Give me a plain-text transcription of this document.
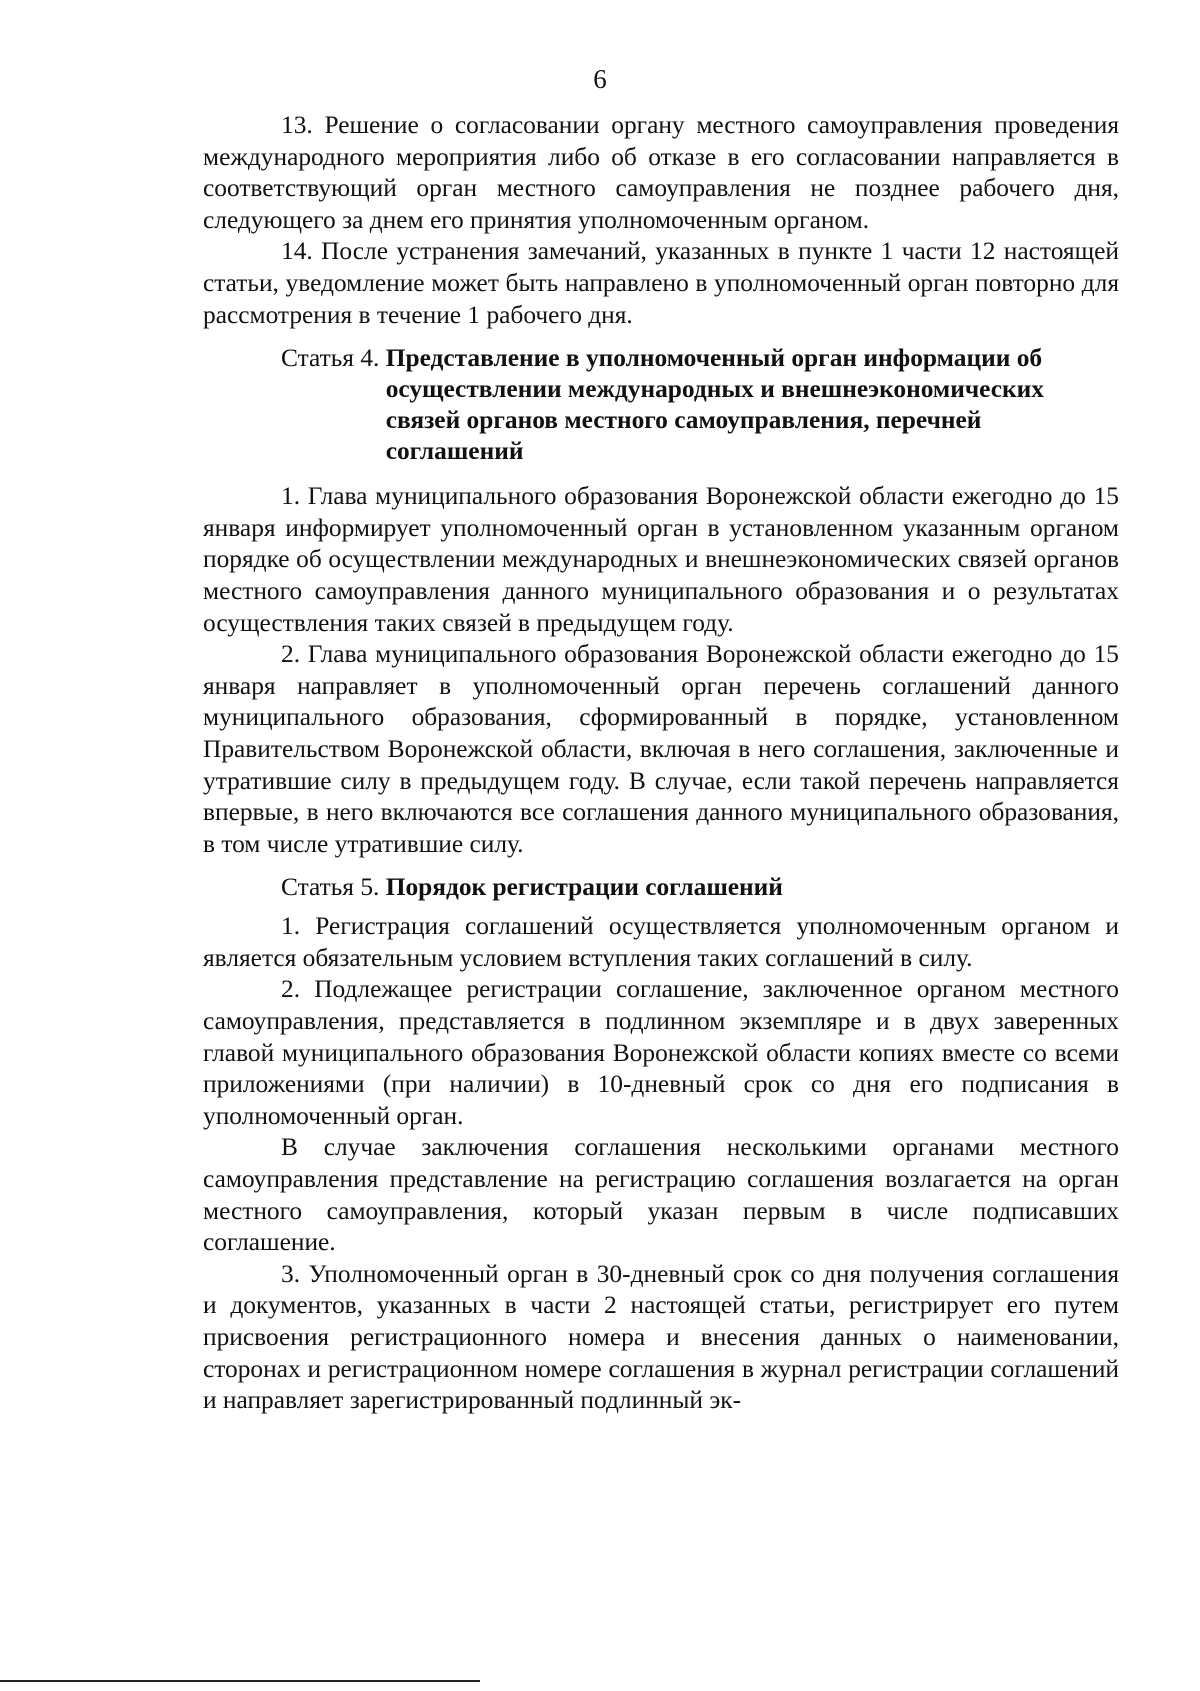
6

13. Решение о согласовании органу местного самоуправления проведения международного мероприятия либо об отказе в его согласовании направляется в соответствующий орган местного самоуправления не позднее рабочего дня, следующего за днем его принятия уполномоченным органом.

14. После устранения замечаний, указанных в пункте 1 части 12 настоящей статьи, уведомление может быть направлено в уполномоченный орган повторно для рассмотрения в течение 1 рабочего дня.

Статья 4. Представление в уполномоченный орган информации об осуществлении международных и внешнеэкономических связей органов местного самоуправления, перечней соглашений

1. Глава муниципального образования Воронежской области ежегодно до 15 января информирует уполномоченный орган в установленном указанным органом порядке об осуществлении международных и внешнеэкономических связей органов местного самоуправления данного муниципального образования и о результатах осуществления таких связей в предыдущем году.

2. Глава муниципального образования Воронежской области ежегодно до 15 января направляет в уполномоченный орган перечень соглашений данного муниципального образования, сформированный в порядке, установленном Правительством Воронежской области, включая в него соглашения, заключенные и утратившие силу в предыдущем году. В случае, если такой перечень направляется впервые, в него включаются все соглашения данного муниципального образования, в том числе утратившие силу.

Статья 5. Порядок регистрации соглашений

1. Регистрация соглашений осуществляется уполномоченным органом и является обязательным условием вступления таких соглашений в силу.

2. Подлежащее регистрации соглашение, заключенное органом местного самоуправления, представляется в подлинном экземпляре и в двух заверенных главой муниципального образования Воронежской области копиях вместе со всеми приложениями (при наличии) в 10-дневный срок со дня его подписания в уполномоченный орган.

В случае заключения соглашения несколькими органами местного самоуправления представление на регистрацию соглашения возлагается на орган местного самоуправления, который указан первым в числе подписавших соглашение.

3. Уполномоченный орган в 30-дневный срок со дня получения соглашения и документов, указанных в части 2 настоящей статьи, регистрирует его путем присвоения регистрационного номера и внесения данных о наименовании, сторонах и регистрационном номере соглашения в журнал регистрации соглашений и направляет зарегистрированный подлинный эк-
